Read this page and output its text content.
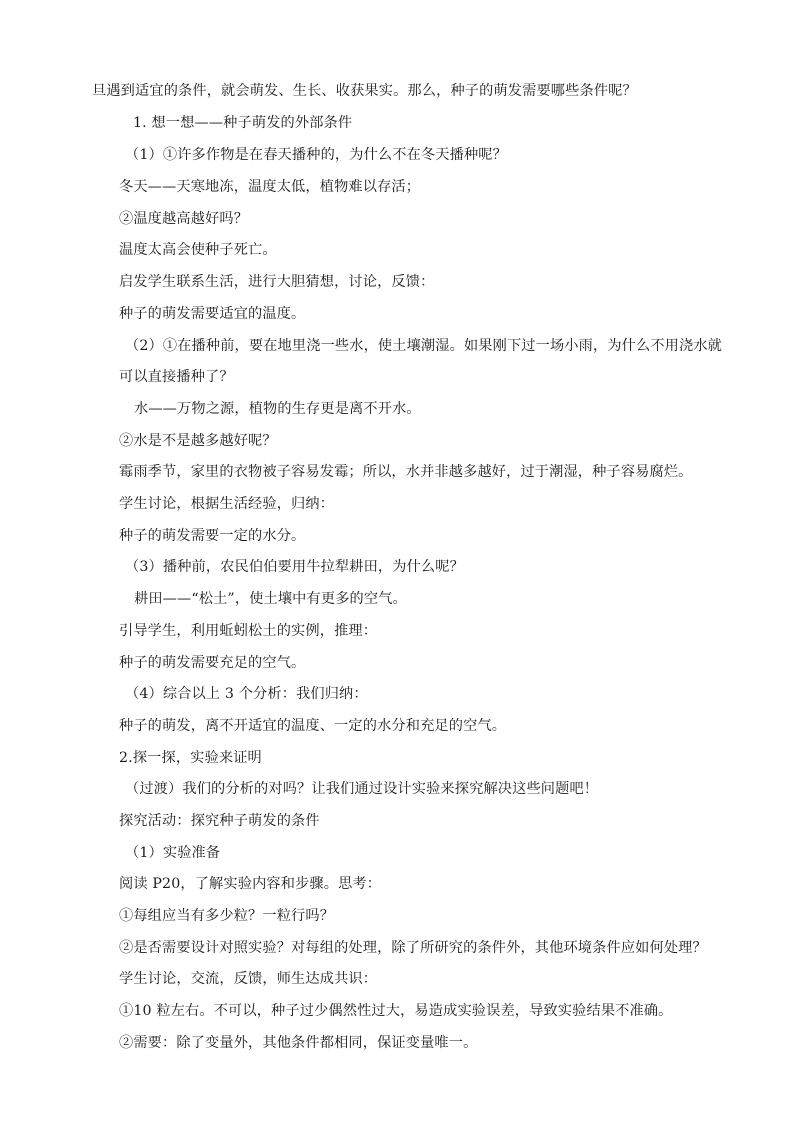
旦遇到适宜的条件，就会萌发、生长、收获果实。那么，种子的萌发需要哪些条件呢？
1. 想一想——种子萌发的外部条件
（1）①许多作物是在春天播种的，为什么不在冬天播种呢？
冬天——天寒地冻，温度太低，植物难以存活；
②温度越高越好吗？
温度太高会使种子死亡。
启发学生联系生活，进行大胆猜想，讨论，反馈：
种子的萌发需要适宜的温度。
（2）①在播种前，要在地里浇一些水，使土壤潮湿。如果刚下过一场小雨，为什么不用浇水就
可以直接播种了？
水——万物之源，植物的生存更是离不开水。
②水是不是越多越好呢？
霉雨季节，家里的衣物被子容易发霉；所以，水并非越多越好，过于潮湿，种子容易腐烂。
学生讨论，根据生活经验，归纳：
种子的萌发需要一定的水分。
（3）播种前，农民伯伯要用牛拉犁耕田，为什么呢？
耕田——“松土”，使土壤中有更多的空气。
引导学生，利用蚯蚓松土的实例，推理：
种子的萌发需要充足的空气。
（4）综合以上 3 个分析：我们归纳：
种子的萌发，离不开适宜的温度、一定的水分和充足的空气。
2.探一探，实验来证明
（过渡）我们的分析的对吗？让我们通过设计实验来探究解决这些问题吧！
探究活动：探究种子萌发的条件
（1）实验准备
阅读 P20，了解实验内容和步骤。思考：
①每组应当有多少粒？一粒行吗？
②是否需要设计对照实验？对每组的处理，除了所研究的条件外，其他环境条件应如何处理？
学生讨论，交流，反馈，师生达成共识：
①10 粒左右。不可以，种子过少偶然性过大，易造成实验误差，导致实验结果不准确。
②需要：除了变量外，其他条件都相同，保证变量唯一。
